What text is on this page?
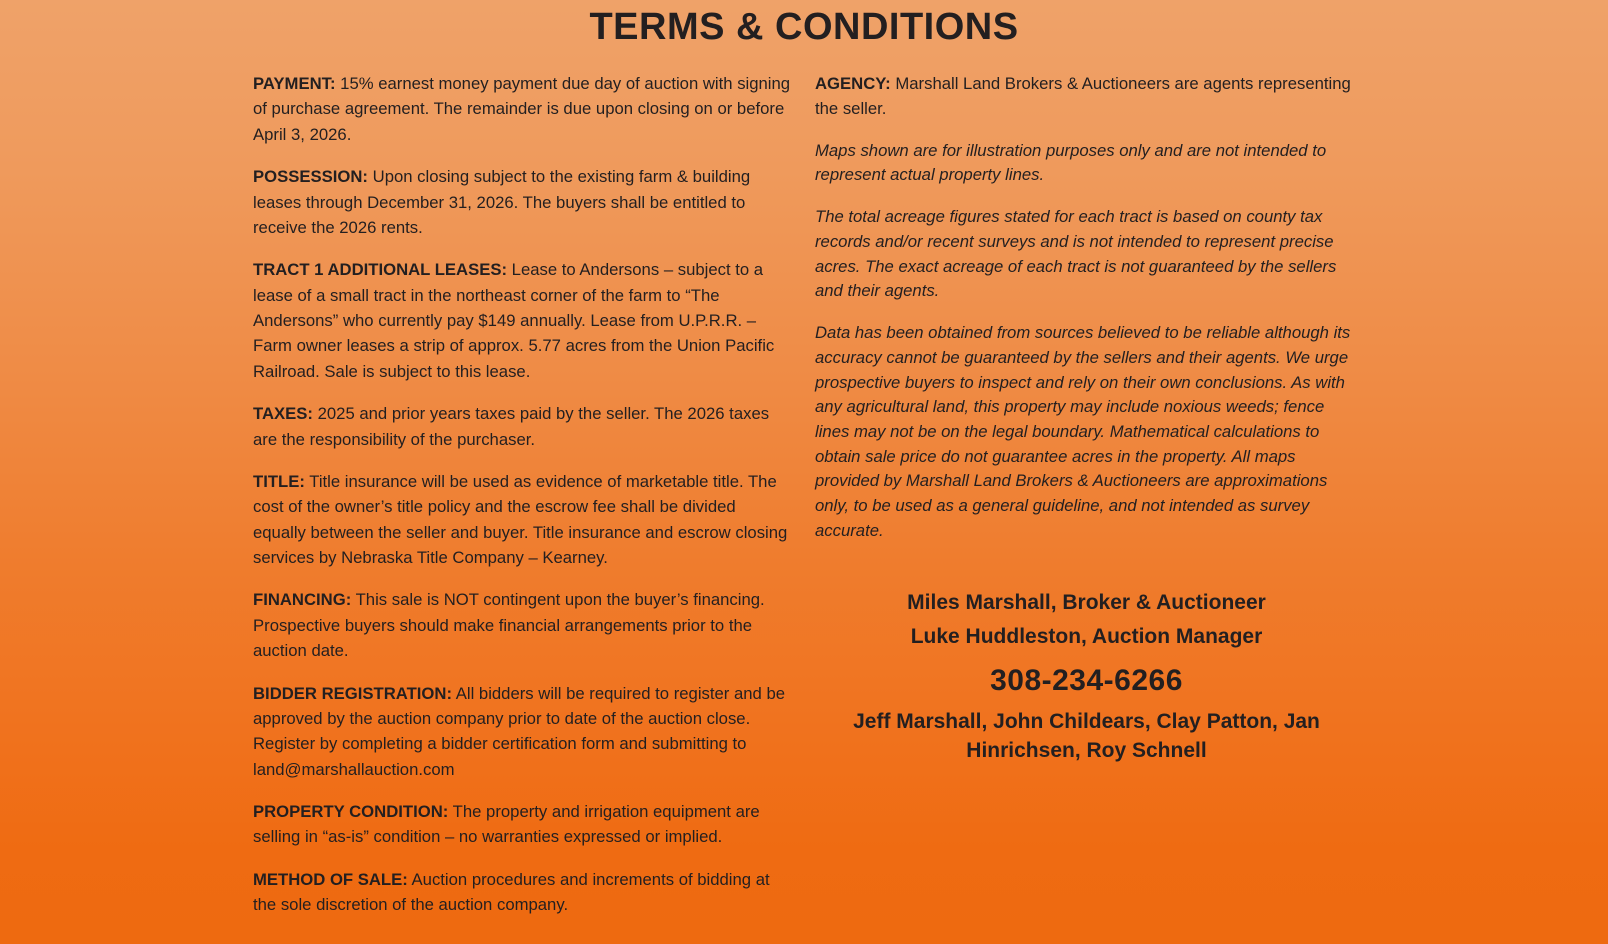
TERMS & CONDITIONS

PAYMENT: 15% earnest money payment due day of auction with signing of purchase agreement. The remainder is due upon closing on or before April 3, 2026.

POSSESSION: Upon closing subject to the existing farm & building leases through December 31, 2026. The buyers shall be entitled to receive the 2026 rents.

TRACT 1 ADDITIONAL LEASES: Lease to Andersons – subject to a lease of a small tract in the northeast corner of the farm to “The Andersons” who currently pay $149 annually. Lease from U.P.R.R. – Farm owner leases a strip of approx. 5.77 acres from the Union Pacific Railroad. Sale is subject to this lease.

TAXES: 2025 and prior years taxes paid by the seller. The 2026 taxes are the responsibility of the purchaser.

TITLE: Title insurance will be used as evidence of marketable title. The cost of the owner’s title policy and the escrow fee shall be divided equally between the seller and buyer. Title insurance and escrow closing services by Nebraska Title Company – Kearney.

FINANCING: This sale is NOT contingent upon the buyer’s financing. Prospective buyers should make financial arrangements prior to the auction date.

BIDDER REGISTRATION: All bidders will be required to register and be approved by the auction company prior to date of the auction close. Register by completing a bidder certification form and submitting to land@marshallauction.com

PROPERTY CONDITION: The property and irrigation equipment are selling in “as-is” condition – no warranties expressed or implied.

METHOD OF SALE: Auction procedures and increments of bidding at the sole discretion of the auction company.

AGENCY: Marshall Land Brokers & Auctioneers are agents representing the seller.

Maps shown are for illustration purposes only and are not intended to represent actual property lines.

The total acreage figures stated for each tract is based on county tax records and/or recent surveys and is not intended to represent precise acres. The exact acreage of each tract is not guaranteed by the sellers and their agents.

Data has been obtained from sources believed to be reliable although its accuracy cannot be guaranteed by the sellers and their agents. We urge prospective buyers to inspect and rely on their own conclusions. As with any agricultural land, this property may include noxious weeds; fence lines may not be on the legal boundary. Mathematical calculations to obtain sale price do not guarantee acres in the property. All maps provided by Marshall Land Brokers & Auctioneers are approximations only, to be used as a general guideline, and not intended as survey accurate.

Miles Marshall, Broker & Auctioneer
Luke Huddleston, Auction Manager
308-234-6266
Jeff Marshall, John Childears, Clay Patton, Jan Hinrichsen, Roy Schnell
